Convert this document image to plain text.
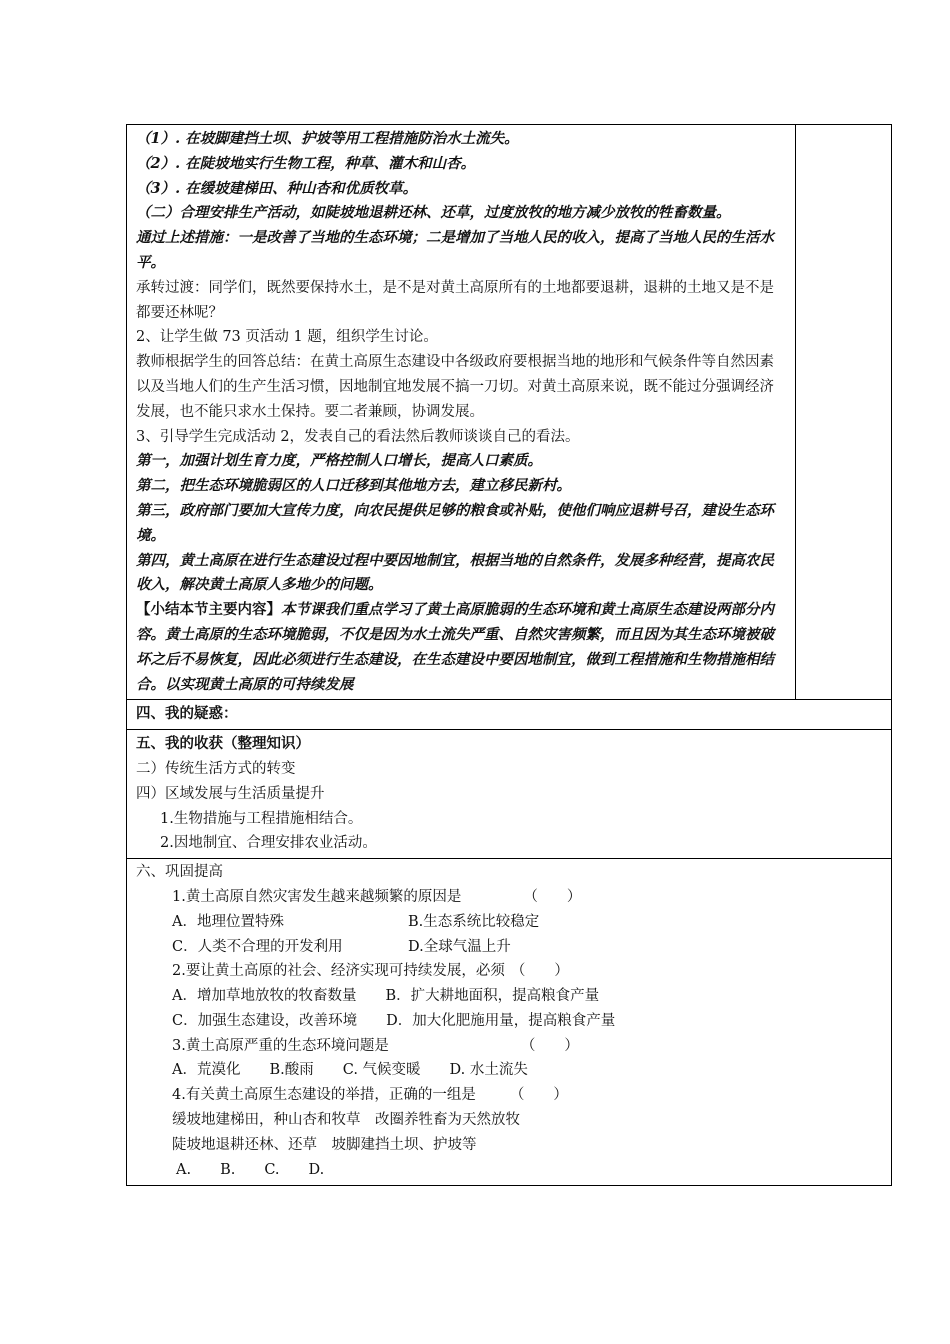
（1）. 在坡脚建挡土坝、护坡等用工程措施防治水土流失。
（2）. 在陡坡地实行生物工程，种草、灌木和山杏。
（3）. 在缓坡建梯田、种山杏和优质牧草。
（二）合理安排生产活动，如陡坡地退耕还林、还草，过度放牧的地方减少放牧的牲畜数量。
通过上述措施：一是改善了当地的生态环境；二是增加了当地人民的收入，提高了当地人民的生活水平。
承转过渡：同学们，既然要保持水土，是不是对黄土高原所有的土地都要退耕，退耕的土地又是不是都要还林呢？
2、让学生做 73 页活动 1 题，组织学生讨论。
教师根据学生的回答总结：在黄土高原生态建设中各级政府要根据当地的地形和气候条件等自然因素以及当地人们的生产生活习惯，因地制宜地发展不搞一刀切。对黄土高原来说，既不能过分强调经济发展，也不能只求水土保持。要二者兼顾，协调发展。
3、引导学生完成活动 2，发表自己的看法然后教师谈谈自己的看法。
第一，加强计划生育力度，严格控制人口增长，提高人口素质。
第二，把生态环境脆弱区的人口迁移到其他地方去，建立移民新村。
第三，政府部门要加大宣传力度，向农民提供足够的粮食或补贴，使他们响应退耕号召，建设生态环境。
第四，黄土高原在进行生态建设过程中要因地制宜，根据当地的自然条件，发展多种经营，提高农民收入，解决黄土高原人多地少的问题。
【小结本节主要内容】本节课我们重点学习了黄土高原脆弱的生态环境和黄土高原生态建设两部分内容。黄土高原的生态环境脆弱，不仅是因为水土流失严重、自然灾害频繁，而且因为其生态环境被破坏之后不易恢复，因此必须进行生态建设，在生态建设中要因地制宜，做到工程措施和生物措施相结合。以实现黄土高原的可持续发展

四、我的疑惑：

五、我的收获（整理知识）
二）传统生活方式的转变
四）区域发展与生活质量提升
1.生物措施与工程措施相结合。
2.因地制宜、合理安排农业活动。

六、巩固提高
1.黄土高原自然灾害发生越来越频繁的原因是	（　　）
A．地理位置特殊	B.生态系统比较稳定
C．人类不合理的开发利用	D.全球气温上升
2.要让黄土高原的社会、经济实现可持续发展，必须 （　　）
A．增加草地放牧的牧畜数量　　B．扩大耕地面积，提高粮食产量
C．加强生态建设，改善环境　　D．加大化肥施用量，提高粮食产量
3.黄土高原严重的生态环境问题是	（　　）
A．荒漠化　　B.酸雨　　C. 气候变暖　　D. 水土流失
4.有关黄土高原生态建设的举措，正确的一组是 （　　）
缓坡地建梯田，种山杏和牧草　改圈养牲畜为天然放牧
陡坡地退耕还林、还草　坡脚建挡土坝、护坡等
A.　　B.　　C.　　D.
